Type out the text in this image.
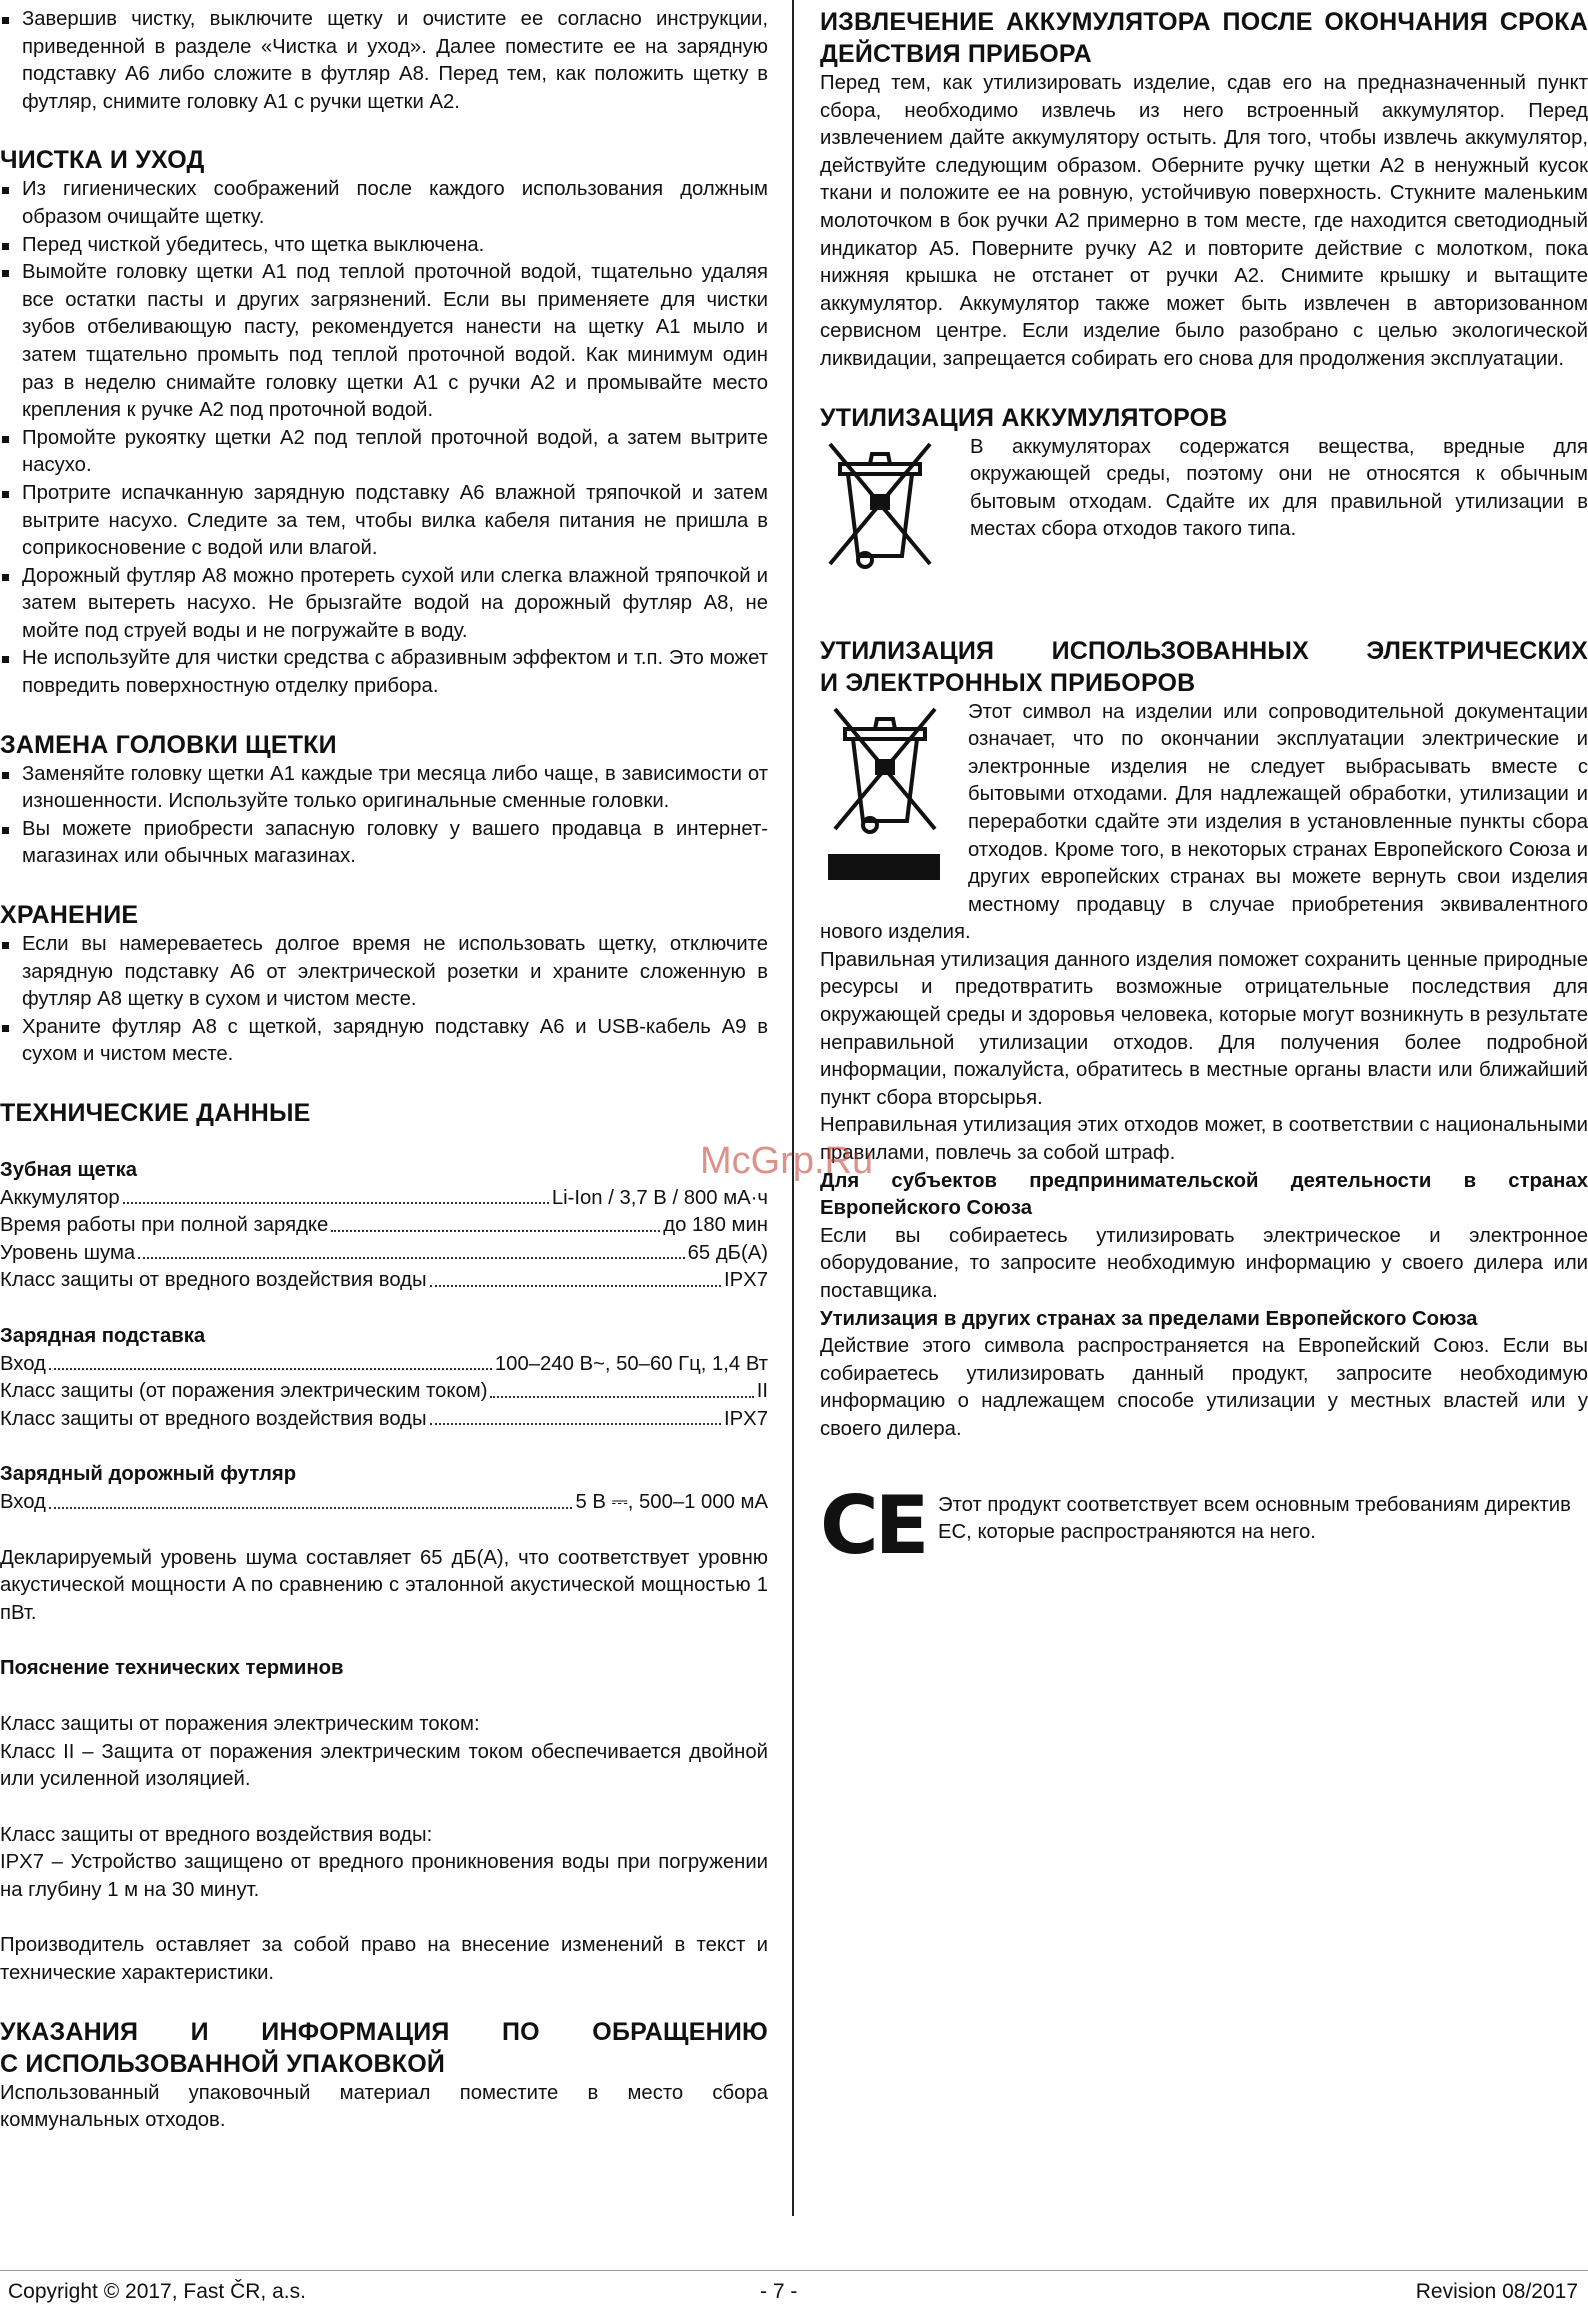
Завершив чистку, выключите щетку и очистите ее согласно инструкции, приведенной в разделе «Чистка и уход». Далее поместите ее на зарядную подставку A6 либо сложите в футляр A8. Перед тем, как положить щетку в футляр, снимите головку A1 с ручки щетки A2.
ЧИСТКА И УХОД
Из гигиенических соображений после каждого использования должным образом очищайте щетку.
Перед чисткой убедитесь, что щетка выключена.
Вымойте головку щетки A1 под теплой проточной водой, тщательно удаляя все остатки пасты и других загрязнений. Если вы применяете для чистки зубов отбеливающую пасту, рекомендуется нанести на щетку A1 мыло и затем тщательно промыть под теплой проточной водой. Как минимум один раз в неделю снимайте головку щетки A1 с ручки A2 и промывайте место крепления к ручке A2 под проточной водой.
Промойте рукоятку щетки A2 под теплой проточной водой, а затем вытрите насухо.
Протрите испачканную зарядную подставку A6 влажной тряпочкой и затем вытрите насухо. Следите за тем, чтобы вилка кабеля питания не пришла в соприкосновение с водой или влагой.
Дорожный футляр A8 можно протереть сухой или слегка влажной тряпочкой и затем вытереть насухо. Не брызгайте водой на дорожный футляр A8, не мойте под струей воды и не погружайте в воду.
Не используйте для чистки средства с абразивным эффектом и т.п. Это может повредить поверхностную отделку прибора.
ЗАМЕНА ГОЛОВКИ ЩЕТКИ
Заменяйте головку щетки A1 каждые три месяца либо чаще, в зависимости от изношенности. Используйте только оригинальные сменные головки.
Вы можете приобрести запасную головку у вашего продавца в интернет-магазинах или обычных магазинах.
ХРАНЕНИЕ
Если вы намереваетесь долгое время не использовать щетку, отключите зарядную подставку A6 от электрической розетки и храните сложенную в футляр A8 щетку в сухом и чистом месте.
Храните футляр A8 с щеткой, зарядную подставку A6 и USB-кабель A9 в сухом и чистом месте.
ТЕХНИЧЕСКИЕ ДАННЫЕ
Зубная щетка
Аккумулятор	Li-Ion / 3,7 В / 800 мА·ч
Время работы при полной зарядке	до 180 мин
Уровень шума	65 дБ(A)
Класс защиты от вредного воздействия воды	IPX7
Зарядная подставка
Вход	100–240 В~, 50–60 Гц, 1,4 Вт
Класс защиты (от поражения электрическим током)	II
Класс защиты от вредного воздействия воды	IPX7
Зарядный дорожный футляр
Вход	5 В ⎓, 500–1 000 мА

Декларируемый уровень шума составляет 65 дБ(A), что соответствует уровню акустической мощности A по сравнению с эталонной акустической мощностью 1 пВт.

Пояснение технических терминов

Класс защиты от поражения электрическим током:

Класс II – Защита от поражения электрическим током обеспечивается двойной или усиленной изоляцией.

Класс защиты от вредного воздействия воды:

IPX7 – Устройство защищено от вредного проникновения воды при погружении на глубину 1 м на 30 минут.

Производитель оставляет за собой право на внесение изменений в текст и технические характеристики.

УКАЗАНИЯ И ИНФОРМАЦИЯ ПО ОБРАЩЕНИЮ
С ИСПОЛЬЗОВАННОЙ УПАКОВКОЙ

Использованный упаковочный материал поместите в место сбора коммунальных отходов.

ИЗВЛЕЧЕНИЕ АККУМУЛЯТОРА ПОСЛЕ ОКОНЧАНИЯ СРОКА
ДЕЙСТВИЯ ПРИБОРА

Перед тем, как утилизировать изделие, сдав его на предназначенный пункт сбора, необходимо извлечь из него встроенный аккумулятор. Перед извлечением дайте аккумулятору остыть. Для того, чтобы извлечь аккумулятор, действуйте следующим образом. Оберните ручку щетки A2 в ненужный кусок ткани и положите ее на ровную, устойчивую поверхность. Стукните маленьким молоточком в бок ручки A2 примерно в том месте, где находится светодиодный индикатор A5. Поверните ручку A2 и повторите действие с молотком, пока нижняя крышка не отстанет от ручки A2. Снимите крышку и вытащите аккумулятор. Аккумулятор также может быть извлечен в авторизованном сервисном центре. Если изделие было разобрано с целью экологической ликвидации, запрещается собирать его снова для продолжения эксплуатации.

УТИЛИЗАЦИЯ АККУМУЛЯТОРОВ

В аккумуляторах содержатся вещества, вредные для окружающей среды, поэтому они не относятся к обычным бытовым отходам. Сдайте их для правильной утилизации в местах сбора отходов такого типа.

УТИЛИЗАЦИЯ ИСПОЛЬЗОВАННЫХ ЭЛЕКТРИЧЕСКИХ
И ЭЛЕКТРОННЫХ ПРИБОРОВ

Этот символ на изделии или сопроводительной документации означает, что по окончании эксплуатации электрические и электронные изделия не следует выбрасывать вместе с бытовыми отходами. Для надлежащей обработки, утилизации и переработки сдайте эти изделия в установленные пункты сбора отходов. Кроме того, в некоторых странах Европейского Союза и других европейских странах вы можете вернуть свои изделия местному продавцу в случае приобретения эквивалентного нового изделия.

Правильная утилизация данного изделия поможет сохранить ценные природные ресурсы и предотвратить возможные отрицательные последствия для окружающей среды и здоровья человека, которые могут возникнуть в результате неправильной утилизации отходов. Для получения более подробной информации, пожалуйста, обратитесь в местные органы власти или ближайший пункт сбора вторсырья.

Неправильная утилизация этих отходов может, в соответствии с национальными правилами, повлечь за собой штраф.

Для субъектов предпринимательской деятельности в странах Европейского Союза

Если вы собираетесь утилизировать электрическое и электронное оборудование, то запросите необходимую информацию у своего дилера или поставщика.

Утилизация в других странах за пределами Европейского Союза

Действие этого символа распространяется на Европейский Союз. Если вы собираетесь утилизировать данный продукт, запросите необходимую информацию о надлежащем способе утилизации у местных властей или у своего дилера.

CE Этот продукт соответствует всем основным требованиям директив ЕС, которые распространяются на него.

McGrp.Ru
Copyright © 2017, Fast ČR, a.s.	- 7 -	Revision 08/2017
